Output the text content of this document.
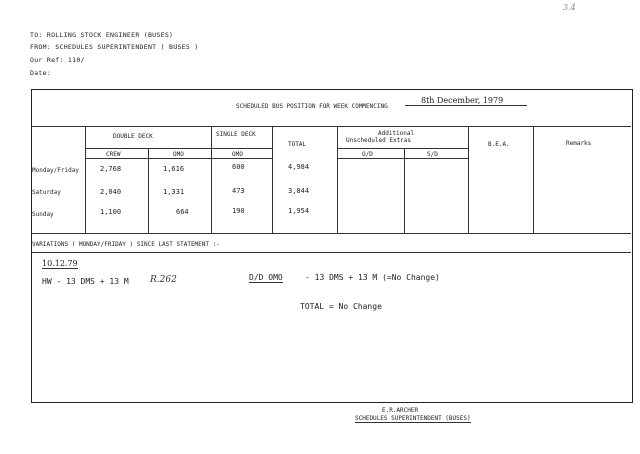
TO: ROLLING STOCK ENGINEER (BUSES)
FROM: SCHEDULES SUPERINTENDENT ( BUSES )
Our Ref: 110/
Date:
3.4
SCHEDULED BUS POSITION FOR WEEK COMMENCING
8th December, 1979
DOUBLE DECK	SINGLE DECK
TOTAL
Additional
Unscheduled Extras
B.E.A.	Remarks
CREW	OMO	OMO	O/D	S/D
Monday/Friday	2,768	1,616	600	4,984
Saturday	2,040	1,331	473	3,844
Sunday	1,100	664	190	1,954
VARIATIONS ( MONDAY/FRIDAY ) SINCE LAST STATEMENT :-
10.12.79
HW - 13 DMS + 13 M R.262	D/D OMO	- 13 DMS + 13 M (=No Change)
TOTAL = No Change
E.R.ARCHER
SCHEDULES SUPERINTENDENT (BUSES)
